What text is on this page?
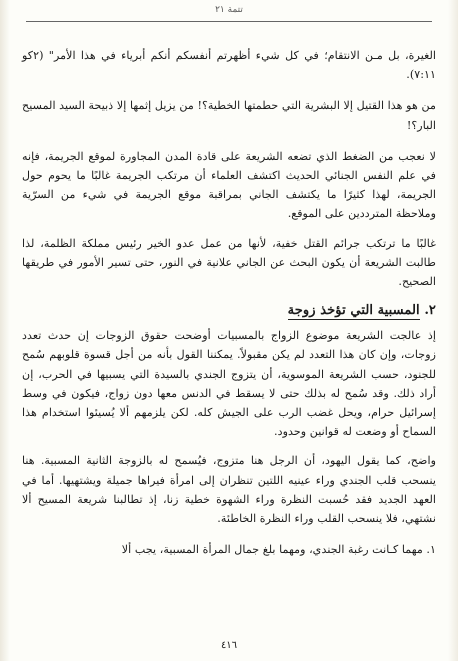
تتمة ٢١

الغيرة، بل مـن الانتقام؛ في كل شيء أظهرتم أنفسكم أنكم أبرياء في هذا الأمر" (٢كو ٧:١١).

من هو هذا القتيل إلا البشرية التي حطمتها الخطية؟! من يزيل إثمها إلا ذبيحة السيد المسيح البار؟!

لا نعجب من الضغط الذي تضعه الشريعة على قادة المدن المجاورة لموقع الجريمة، فإنه في علم النفس الجنائي الحديث اكتشف العلماء أن مرتكب الجريمة غالبًا ما يحوم حول الجريمة، لهذا كثيرًا ما يكتشف الجاني بمراقبة موقع الجريمة في شيء من السرّية وملاحظة المترددين على الموقع.

غالبًا ما ترتكب جرائم القتل خفية، لأنها من عمل عدو الخير رئيس مملكة الظلمة، لذا طالبت الشريعة أن يكون البحث عن الجاني علانية في النور، حتى تسير الأمور في طريقها الصحيح.

٢. المسبية التي تؤخذ زوجة

إذ عالجت الشريعة موضوع الزواج بالمسبيات أوضحت حقوق الزوجات إن حدث تعدد زوجات، وإن كان هذا التعدد لم يكن مقبولاً. يمكننا القول بأنه من أجل قسوة قلوبهم سُمح للجنود، حسب الشريعة الموسوية، أن يتزوج الجندي بالسيدة التي يسبيها في الحرب، إن أراد ذلك. وقد سُمح له بذلك حتى لا يسقط في الدنس معها دون زواج، فيكون في وسط إسرائيل حرام، ويحل غضب الرب على الجيش كله. لكن يلزمهم ألا يُسيئوا استخدام هذا السماح أو وضعت له قوانين وحدود.

واضح، كما يقول اليهود، أن الرجل هنا متزوج، فيُسمح له بالزوجة الثانية المسبية. هنا ينسحب قلب الجندي وراء عينيه اللتين تنظران إلى امرأة فيراها جميلة ويشتهيها. أما في العهد الجديد فقد حُسبت النظرة وراء الشهوة خطية زنا، إذ تطالبنا شريعة المسيح ألا نشتهي، فلا ينسحب القلب وراء النظرة الخاطئة.

١. مهما كـانت رغبة الجندي، ومهما بلغ جمال المرأة المسبية، يجب ألا

٤١٦
